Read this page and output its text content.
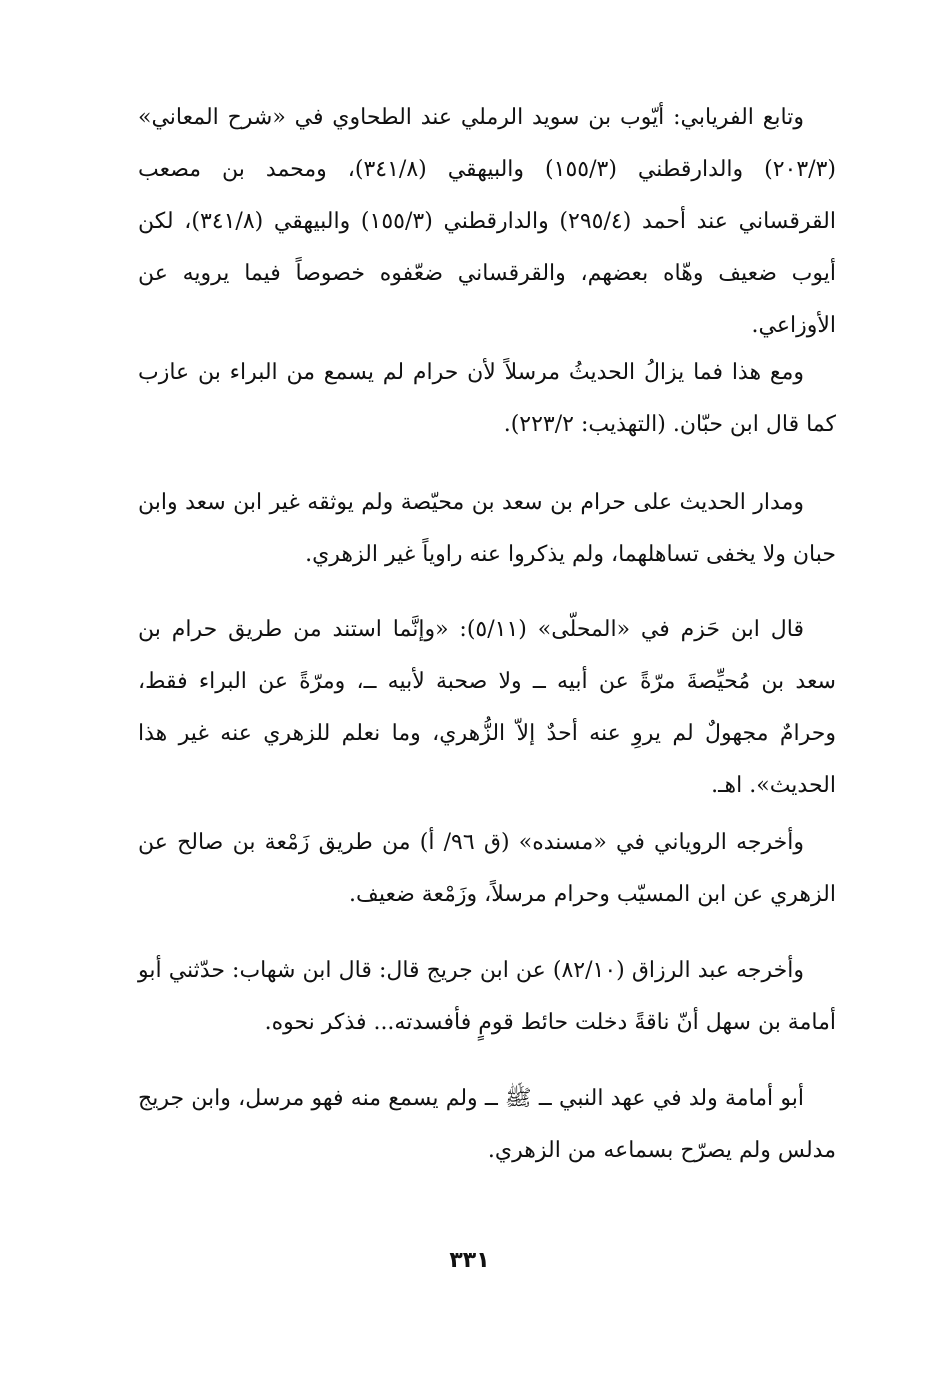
وتابع الفريابي: أيّوب بن سويد الرملي عند الطحاوي في «شرح المعاني» (٢٠٣/٣) والدارقطني (١٥٥/٣) والبيهقي (٣٤١/٨)، ومحمد بن مصعب القرقساني عند أحمد (٢٩٥/٤) والدارقطني (١٥٥/٣) والبيهقي (٣٤١/٨)، لكن أيوب ضعيف وهّاه بعضهم، والقرقساني ضعّفوه خصوصاً فيما يرويه عن الأوزاعي.

ومع هذا فما يزالُ الحديثُ مرسلاً لأن حرام لم يسمع من البراء بن عازب كما قال ابن حبّان. (التهذيب: ٢٢٣/٢).

ومدار الحديث على حرام بن سعد بن محيّصة ولم يوثقه غير ابن سعد وابن حبان ولا يخفى تساهلهما، ولم يذكروا عنه راوياً غير الزهري.

قال ابن حَزم في «المحلّى» (٥/١١): «وإنَّما استند من طريق حرام بن سعد بن مُحيِّصةَ مرّةً عن أبيه ــ ولا صحبة لأبيه ــ، ومرّةً عن البراء فقط، وحرامٌ مجهولٌ لم يروِ عنه أحدٌ إلاّ الزُّهري، وما نعلم للزهري عنه غير هذا الحديث». اهـ.

وأخرجه الروياني في «مسنده» (ق ٩٦/ أ) من طريق زَمْعة بن صالح عن الزهري عن ابن المسيّب وحرام مرسلاً، وزَمْعة ضعيف.

وأخرجه عبد الرزاق (٨٢/١٠) عن ابن جريج قال: قال ابن شهاب: حدّثني أبو أمامة بن سهل أنّ ناقةً دخلت حائط قومٍ فأفسدته... فذكر نحوه.

أبو أمامة ولد في عهد النبي ــ ﷺ ــ ولم يسمع منه فهو مرسل، وابن جريج مدلس ولم يصرّح بسماعه من الزهري.

٣٣١
